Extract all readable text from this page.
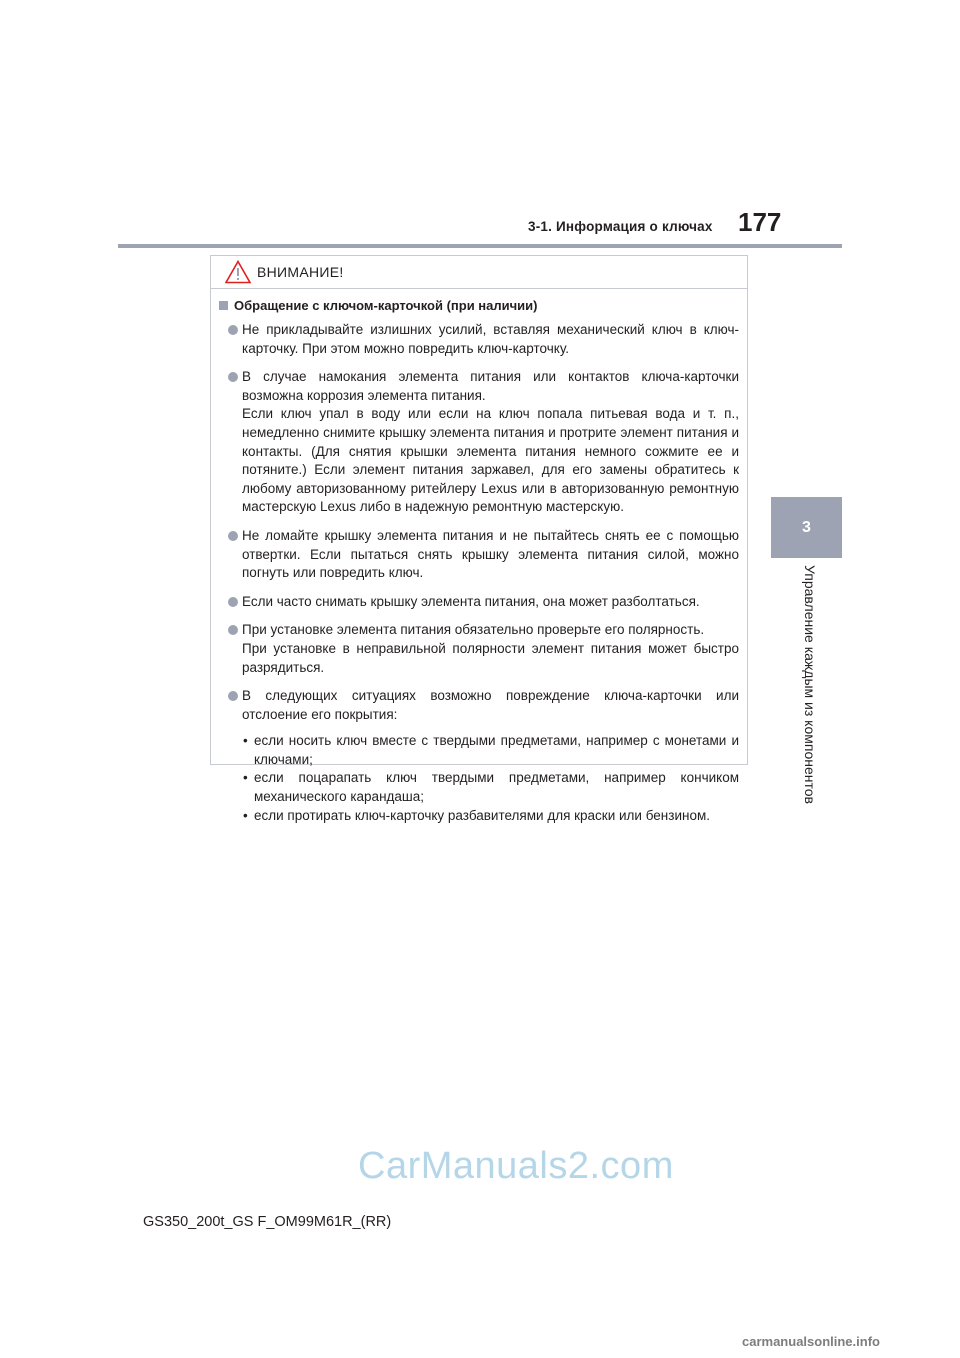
3-1. Информация о ключах 177
3
Управление каждым из компонентов
ВНИМАНИЕ!
Обращение с ключом-карточкой (при наличии)

Не прикладывайте излишних усилий, вставляя механический ключ в ключ-карточку. При этом можно повредить ключ-карточку.

В случае намокания элемента питания или контактов ключа-карточки возможна коррозия элемента питания.

Если ключ упал в воду или если на ключ попала питьевая вода и т. п., немедленно снимите крышку элемента питания и протрите элемент питания и контакты. (Для снятия крышки элемента питания немного сожмите ее и потяните.) Если элемент питания заржавел, для его замены обратитесь к любому авторизованному ритейлеру Lexus или в авторизованную ремонтную мастерскую Lexus либо в надежную ремонтную мастерскую.

Не ломайте крышку элемента питания и не пытайтесь снять ее с помощью отвертки. Если пытаться снять крышку элемента питания силой, можно погнуть или повредить ключ.

Если часто снимать крышку элемента питания, она может разболтаться.

При установке элемента питания обязательно проверьте его полярность.

При установке в неправильной полярности элемент питания может быстро разрядиться.

В следующих ситуациях возможно повреждение ключа-карточки или отслоение его покрытия:

• если носить ключ вместе с твердыми предметами, например с монетами и ключами;
• если поцарапать ключ твердыми предметами, например кончиком механического карандаша;
• если протирать ключ-карточку разбавителями для краски или бензином.
CarManuals2.com
GS350_200t_GS F_OM99M61R_(RR)
carmanualsonline.info
